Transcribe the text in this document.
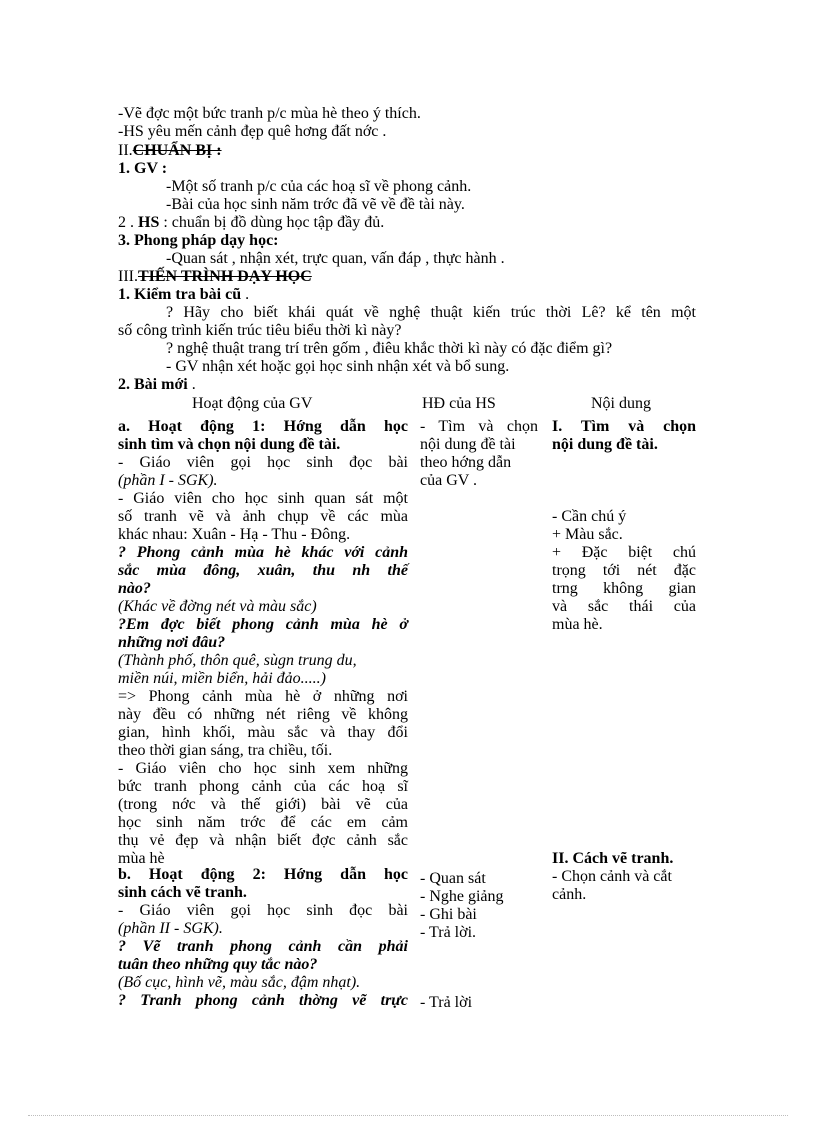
-Vẽ đợc một bức tranh p/c mùa hè theo ý thích.
-HS yêu mến cảnh đẹp quê hơng đất nớc .
II.CHUẨN BỊ :
1. GV :
-Một số tranh p/c của các hoạ sĩ về phong cảnh.
-Bài của học sinh năm trớc đã vẽ về đề tài này.
2 . HS : chuẩn bị đồ dùng học tập đầy đủ.
3. Phong pháp dạy học:
-Quan sát , nhận xét, trực quan, vấn đáp , thực hành .
III.TIẾN TRÌNH DẠY HỌC
1. Kiểm tra bài cũ .
? Hãy cho biết khái quát về nghệ thuật kiến trúc thời Lê? kể tên một
số công trình kiến trúc tiêu biểu thời kì này?
? nghệ thuật trang trí trên gốm , điêu khắc thời kì này có đặc điểm gì?
- GV nhận xét hoặc gọi học sinh nhận xét và bổ sung.
2. Bài mới .
Hoạt động của GV	HĐ của HS	Nội dung
a. Hoạt động 1: Hớng dẫn học
sinh tìm và chọn nội dung đề tài.
- Giáo viên gọi học sinh đọc bài
(phần I - SGK).
- Giáo viên cho học sinh quan sát một
số tranh vẽ và ảnh chụp về các mùa
khác nhau: Xuân - Hạ - Thu - Đông.
? Phong cảnh mùa hè khác với cảnh
sắc mùa đông, xuân, thu nh thế
nào?
(Khác về đờng nét và màu sắc)
?Em đợc biết phong cảnh mùa hè ở
những nơi đâu?
(Thành phố, thôn quê, sùgn trung du,
miền núi, miền biển, hải đảo.....)
=> Phong cảnh mùa hè ở những nơi
này đều có những nét riêng về không
gian, hình khối, màu sắc và thay đổi
theo thời gian sáng, tra chiều, tối.
- Giáo viên cho học sinh xem những
bức tranh phong cảnh của các hoạ sĩ
(trong nớc và thế giới) bài vẽ của
học sinh năm trớc để các em cảm
thụ vẻ đẹp và nhận biết đợc cảnh sắc
mùa hè
b. Hoạt động 2: Hớng dẫn học
sinh cách vẽ tranh.
- Giáo viên gọi học sinh đọc bài
(phần II - SGK).
? Vẽ tranh phong cảnh cần phải
tuân theo những quy tắc nào?
(Bố cục, hình vẽ, màu sắc, đậm nhạt).
? Tranh phong cảnh thờng vẽ trực
- Tìm và chọn
nội dung đề tài
theo hớng dẫn
của GV .
- Quan sát
- Nghe giảng
- Ghi bài
- Trả lời.
- Trả lời
I. Tìm và chọn
nội dung đề tài.
- Cần chú ý
+ Màu sắc.
+ Đặc biệt chú
trọng tới nét đặc
trng không gian
và sắc thái của
mùa hè.
II. Cách vẽ tranh.
- Chọn cảnh và cắt
cảnh.
